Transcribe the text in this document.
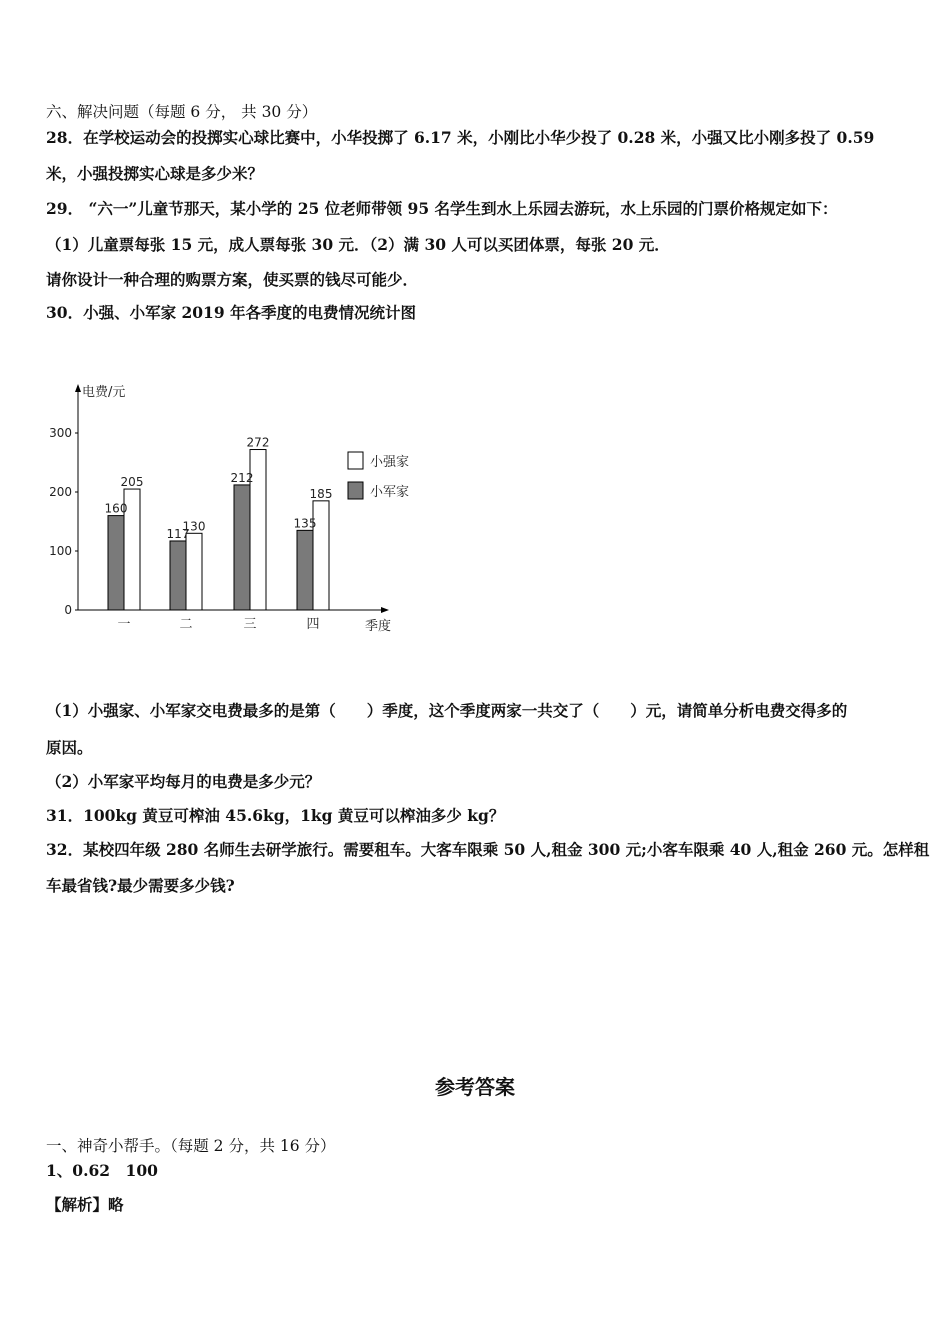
六、解决问题（每题 6 分， 共 30 分）
28．在学校运动会的投掷实心球比赛中，小华投掷了 6.17 米，小刚比小华少投了 0.28 米，小强又比小刚多投了 0.59
米，小强投掷实心球是多少米？
29． “六一”儿童节那天，某小学的 25 位老师带领 95 名学生到水上乐园去游玩，水上乐园的门票价格规定如下：
（1）儿童票每张 15 元，成人票每张 30 元．（2）满 30 人可以买团体票，每张 20 元．
请你设计一种合理的购票方案，使买票的钱尽可能少．
30．小强、小军家 2019 年各季度的电费情况统计图
电费/元
季度
0
100
200
300
160
205
一
117
130
二
212
272
三
135
185
四
小强家
小军家
（1）小强家、小军家交电费最多的是第（　　）季度，这个季度两家一共交了（　　）元，请简单分析电费交得多的
原因。
（2）小军家平均每月的电费是多少元？
31．100kg 黄豆可榨油 45.6kg，1kg 黄豆可以榨油多少 kg？
32．某校四年级 280 名师生去研学旅行。需要租车。大客车限乘 50 人,租金 300 元;小客车限乘 40 人,租金 260 元。怎样租
车最省钱?最少需要多少钱?
参考答案
一、神奇小帮手。（每题 2 分，共 16 分）
1、0.62　100
【解析】略
